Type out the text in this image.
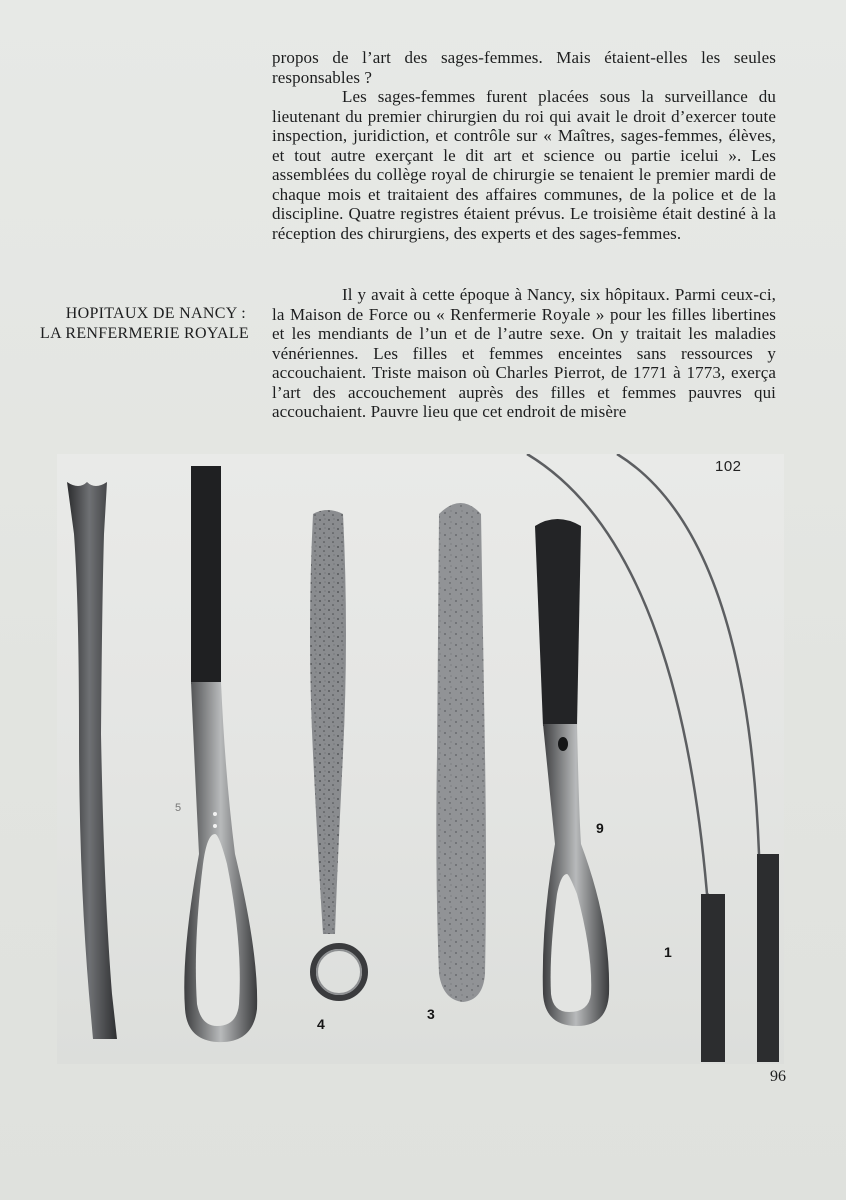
propos de l’art des sages-femmes. Mais étaient-elles les seules responsables ?

Les sages-femmes furent placées sous la surveillance du lieutenant du premier chirurgien du roi qui avait le droit d’exercer toute inspection, juridiction, et contrôle sur « Maîtres, sages-femmes, élèves, et tout autre exerçant le dit art et science ou partie icelui ». Les assemblées du collège royal de chirurgie se tenaient le premier mardi de chaque mois et traitaient des affaires communes, de la police et de la discipline. Quatre registres étaient prévus. Le troisième était destiné à la réception des chirurgiens, des experts et des sages-femmes.

HOPITAUX DE NANCY :
LA RENFERMERIE ROYALE

Il y avait à cette époque à Nancy, six hôpitaux. Parmi ceux-ci, la Maison de Force ou « Renfermerie Royale » pour les filles libertines et les mendiants de l’un et de l’autre sexe. On y traitait les maladies vénériennes. Les filles et femmes enceintes sans ressources y accouchaient. Triste maison où Charles Pierrot, de 1771 à 1773, exerça l’art des accouchement auprès des filles et femmes pauvres qui accouchaient. Pauvre lieu que cet endroit de misère

102
4
3
9
1
5
96
